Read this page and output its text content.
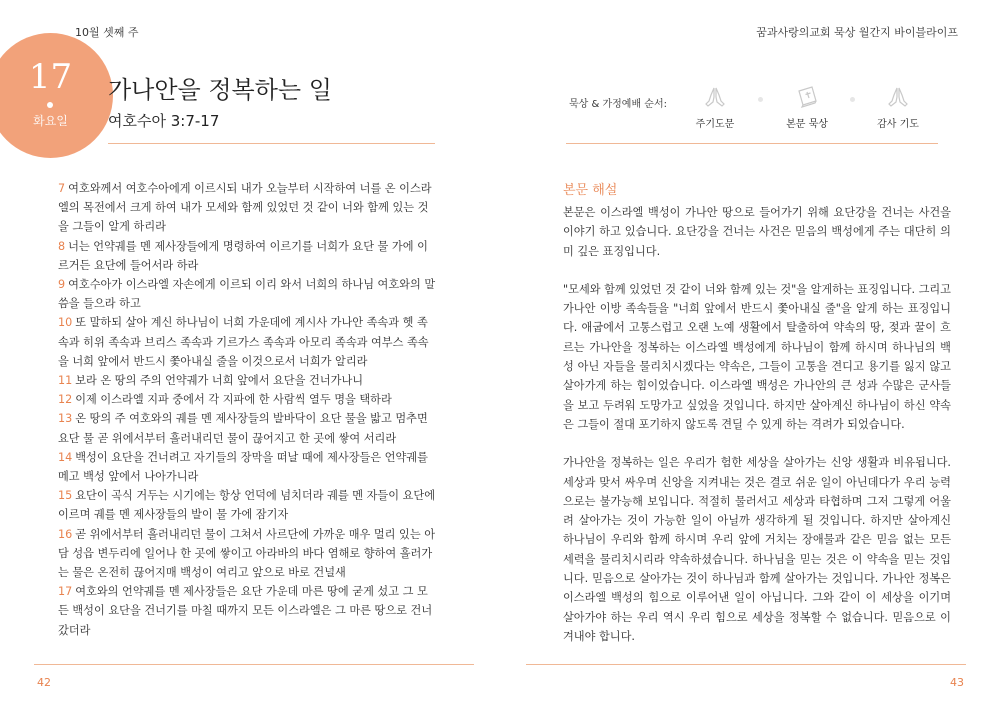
10월 셋째 주	꿈과사랑의교회 묵상 월간지 바이블라이프
17
화요일
가나안을 정복하는 일
여호수아 3:7-17
묵상 & 가정예배 순서:
주기도문	본문 묵상	감사 기도

7 여호와께서 여호수아에게 이르시되 내가 오늘부터 시작하여 너를 온 이스라엘의 목전에서 크게 하여 내가 모세와 함께 있었던 것 같이 너와 함께 있는 것을 그들이 알게 하리라

8 너는 언약궤를 멘 제사장들에게 명령하여 이르기를 너희가 요단 물 가에 이르거든 요단에 들어서라 하라

9 여호수아가 이스라엘 자손에게 이르되 이리 와서 너희의 하나님 여호와의 말씀을 들으라 하고

10 또 말하되 살아 계신 하나님이 너희 가운데에 계시사 가나안 족속과 헷 족속과 히위 족속과 브리스 족속과 기르가스 족속과 아모리 족속과 여부스 족속을 너희 앞에서 반드시 쫓아내실 줄을 이것으로서 너희가 알리라

11 보라 온 땅의 주의 언약궤가 너희 앞에서 요단을 건너가나니

12 이제 이스라엘 지파 중에서 각 지파에 한 사람씩 열두 명을 택하라

13 온 땅의 주 여호와의 궤를 멘 제사장들의 발바닥이 요단 물을 밟고 멈추면 요단 물 곧 위에서부터 흘러내리던 물이 끊어지고 한 곳에 쌓여 서리라

14 백성이 요단을 건너려고 자기들의 장막을 떠날 때에 제사장들은 언약궤를 메고 백성 앞에서 나아가니라

15 요단이 곡식 거두는 시기에는 항상 언덕에 넘치더라 궤를 멘 자들이 요단에 이르며 궤를 멘 제사장들의 발이 물 가에 잠기자

16 곧 위에서부터 흘러내리던 물이 그쳐서 사르단에 가까운 매우 멀리 있는 아담 성읍 변두리에 일어나 한 곳에 쌓이고 아라바의 바다 염해로 향하여 흘러가는 물은 온전히 끊어지매 백성이 여리고 앞으로 바로 건널새

17 여호와의 언약궤를 멘 제사장들은 요단 가운데 마른 땅에 굳게 섰고 그 모든 백성이 요단을 건너기를 마칠 때까지 모든 이스라엘은 그 마른 땅으로 건너갔더라

본문 해설

본문은 이스라엘 백성이 가나안 땅으로 들어가기 위해 요단강을 건너는 사건을 이야기 하고 있습니다. 요단강을 건너는 사건은 믿음의 백성에게 주는 대단히 의미 깊은 표징입니다.

"모세와 함께 있었던 것 같이 너와 함께 있는 것"을 알게하는 표징입니다. 그리고 가나안 이방 족속들을 "너희 앞에서 반드시 쫓아내실 줄"을 알게 하는 표징입니다. 애굽에서 고통스럽고 오랜 노예 생활에서 탈출하여 약속의 땅, 젖과 꿀이 흐르는 가나안을 정복하는 이스라엘 백성에게 하나님이 함께 하시며 하나님의 백성 아닌 자들을 물리치시겠다는 약속은, 그들이 고통을 견디고 용기를 잃지 않고 살아가게 하는 힘이었습니다. 이스라엘 백성은 가나안의 큰 성과 수많은 군사들을 보고 두려워 도망가고 싶었을 것입니다. 하지만 살아계신 하나님이 하신 약속은 그들이 절대 포기하지 않도록 견딜 수 있게 하는 격려가 되었습니다.

가나안을 정복하는 일은 우리가 험한 세상을 살아가는 신앙 생활과 비유됩니다. 세상과 맞서 싸우며 신앙을 지켜내는 것은 결코 쉬운 일이 아닌데다가 우리 능력으로는 불가능해 보입니다. 적절히 물러서고 세상과 타협하며 그저 그렇게 어울려 살아가는 것이 가능한 일이 아닐까 생각하게 될 것입니다. 하지만 살아계신 하나님이 우리와 함께 하시며 우리 앞에 거치는 장애물과 같은 믿음 없는 모든 세력을 물리치시리라 약속하셨습니다. 하나님을 믿는 것은 이 약속을 믿는 것입니다. 믿음으로 살아가는 것이 하나님과 함께 살아가는 것입니다. 가나안 정복은 이스라엘 백성의 힘으로 이루어낸 일이 아닙니다. 그와 같이 이 세상을 이기며 살아가야 하는 우리 역시 우리 힘으로 세상을 정복할 수 없습니다. 믿음으로 이겨내야 합니다.

42	43
